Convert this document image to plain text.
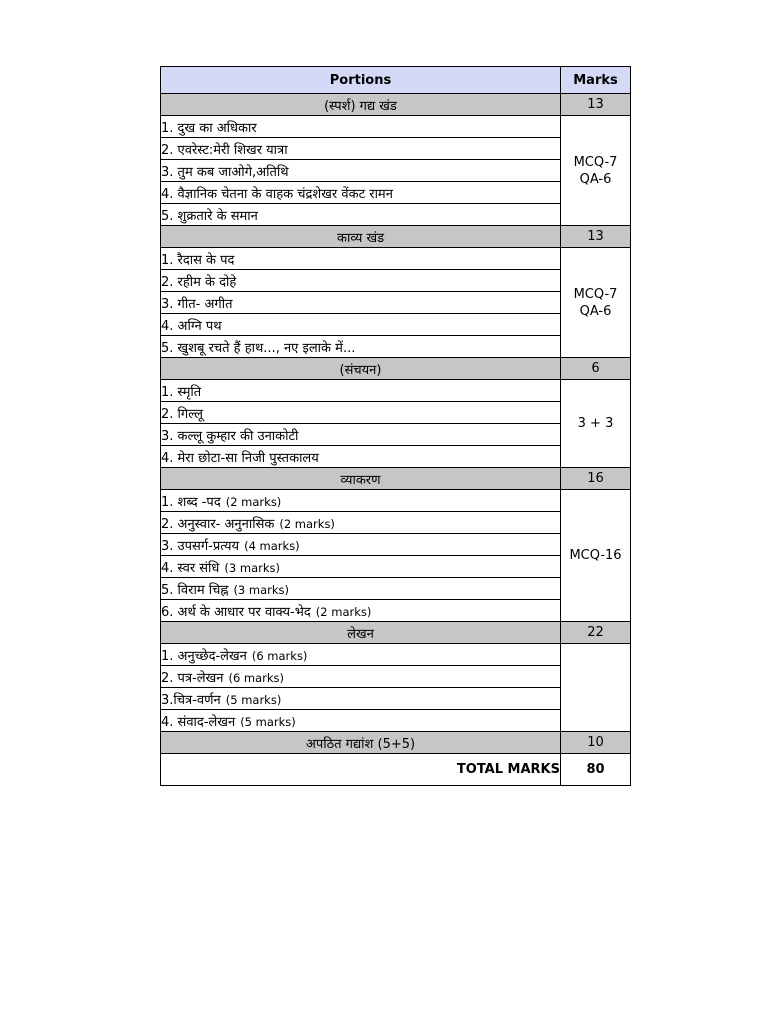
Portions	Marks
(स्पर्श) गद्य खंड	13
1. दुख का अधिकार	MCQ-7
QA-6

2. एवरेस्ट:मेरी शिखर यात्रा	
3. तुम कब जाओगे,अतिथि	
4. वैज्ञानिक चेतना के वाहक चंद्रशेखर वेंकट रामन	
5. शुक्रतारे के समान	
काव्य खंड	13
1. रैदास के पद	MCQ-7
QA-6

2. रहीम के दोहे	
3. गीत- अगीत	
4. अग्नि पथ	
5. खुशबू रचते हैं हाथ..., नए इलाके में...	
(संचयन)	6
1. स्मृति	3 + 3

2. गिल्लू	
3. कल्लू कुम्हार की उनाकोटी	
4. मेरा छोटा-सा निजी पुस्तकालय	
व्याकरण	16
1. शब्द -पद (2 marks)	MCQ-16

2. अनुस्वार- अनुनासिक (2 marks)	
3. उपसर्ग-प्रत्यय (4 marks)	
4. स्वर संधि (3 marks)	
5. विराम चिह्न (3 marks)	
6. अर्थ के आधार पर वाक्य-भेद (2 marks)	
लेखन	22
1. अनुच्छेद-लेखन (6 marks)	
2. पत्र-लेखन (6 marks)	
3.चित्र-वर्णन (5 marks)	
4. संवाद-लेखन (5 marks)	
अपठित गद्यांश (5+5)	10
TOTAL MARKS	80
